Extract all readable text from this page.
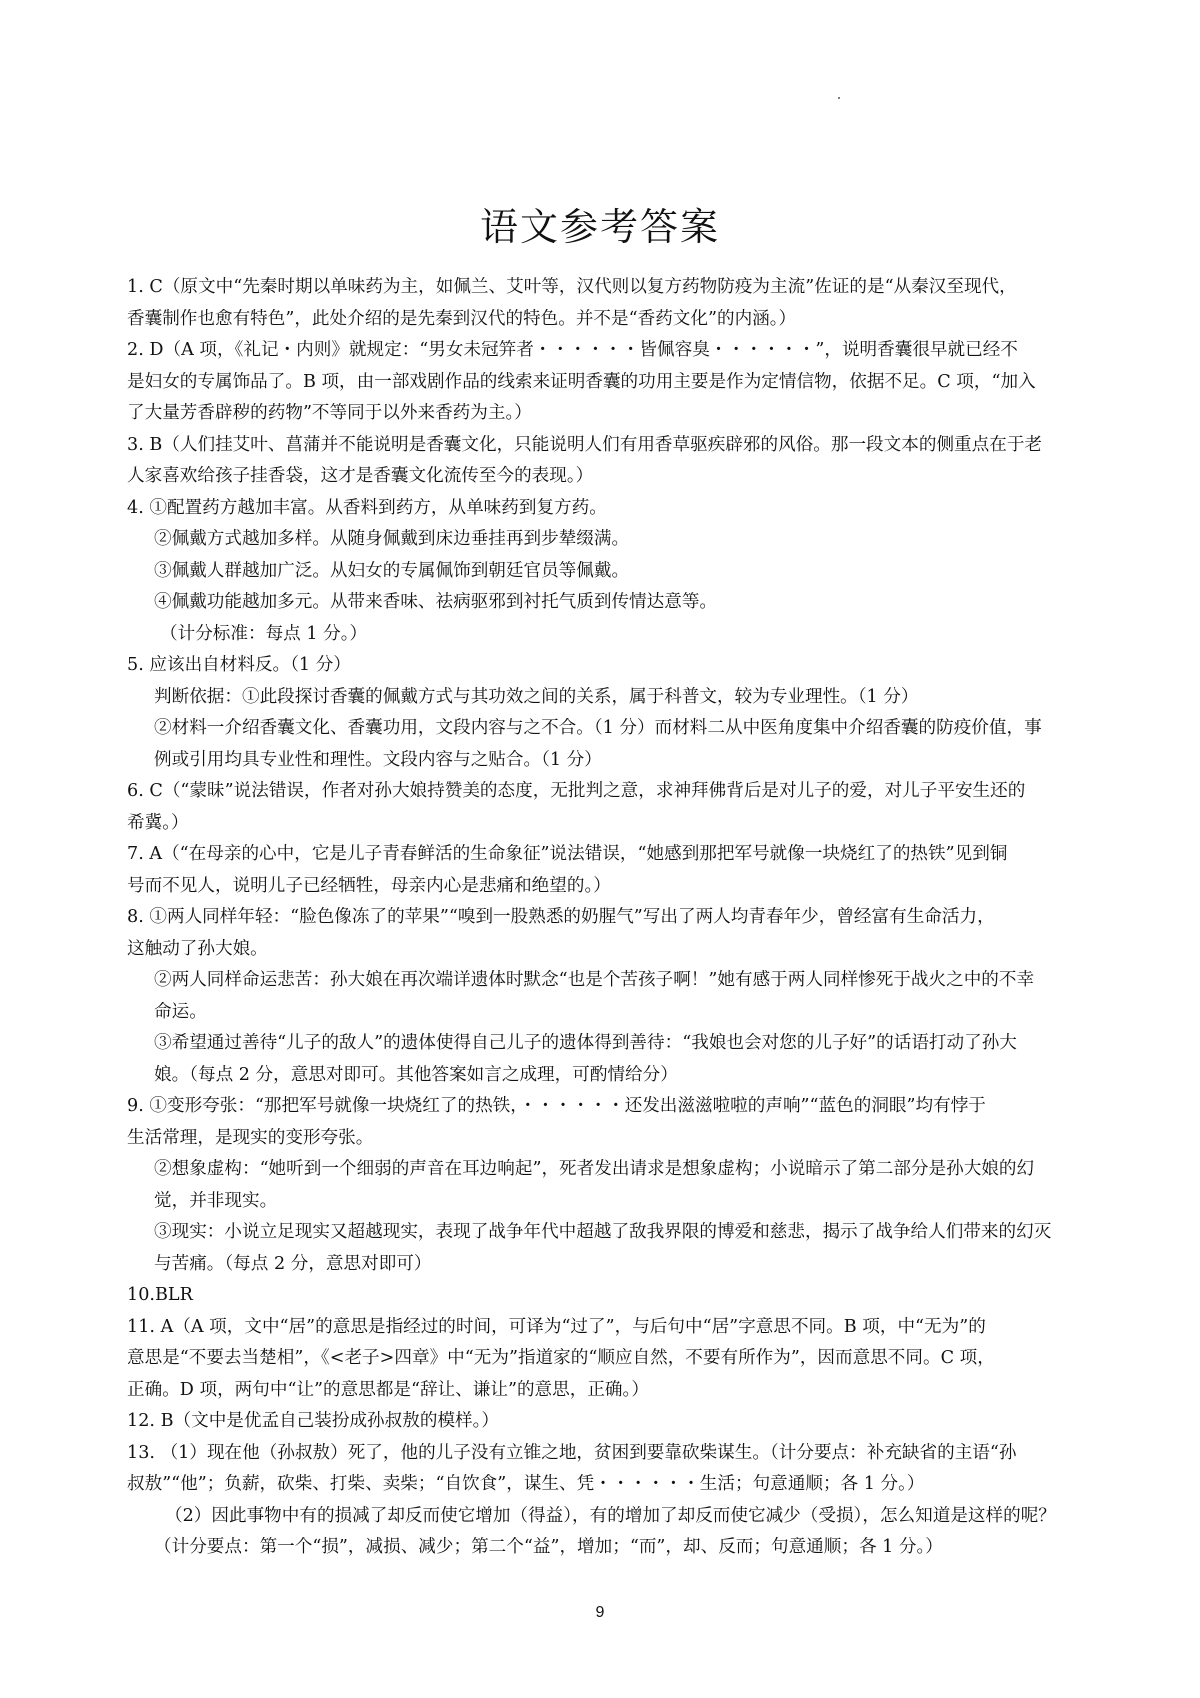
语文参考答案
1. C（原文中“先秦时期以单味药为主，如佩兰、艾叶等，汉代则以复方药物防疫为主流”佐证的是“从秦汉至现代，
香囊制作也愈有特色”，此处介绍的是先秦到汉代的特色。并不是“香药文化”的内涵。）
2. D（A 项，《礼记・内则》就规定：“男女未冠笄者・・・・・・皆佩容臭・・・・・・”，说明香囊很早就已经不
是妇女的专属饰品了。B 项，由一部戏剧作品的线索来证明香囊的功用主要是作为定情信物，依据不足。C 项，“加入
了大量芳香辟秽的药物”不等同于以外来香药为主。）
3. B（人们挂艾叶、菖蒲并不能说明是香囊文化，只能说明人们有用香草驱疾辟邪的风俗。那一段文本的侧重点在于老
人家喜欢给孩子挂香袋，这才是香囊文化流传至今的表现。）
4. ①配置药方越加丰富。从香料到药方，从单味药到复方药。
②佩戴方式越加多样。从随身佩戴到床边垂挂再到步辇缀满。
③佩戴人群越加广泛。从妇女的专属佩饰到朝廷官员等佩戴。
④佩戴功能越加多元。从带来香味、祛病驱邪到衬托气质到传情达意等。
（计分标准：每点 1 分。）
5. 应该出自材料反。（1 分）
判断依据：①此段探讨香囊的佩戴方式与其功效之间的关系，属于科普文，较为专业理性。（1 分）
②材料一介绍香囊文化、香囊功用，文段内容与之不合。（1 分）而材料二从中医角度集中介绍香囊的防疫价值，事
例或引用均具专业性和理性。文段内容与之贴合。（1 分）
6. C（“蒙昧”说法错误，作者对孙大娘持赞美的态度，无批判之意，求神拜佛背后是对儿子的爱，对儿子平安生还的
希冀。）
7. A（“在母亲的心中，它是儿子青春鲜活的生命象征”说法错误，“她感到那把军号就像一块烧红了的热铁”见到铜
号而不见人，说明儿子已经牺牲，母亲内心是悲痛和绝望的。）
8. ①两人同样年轻：“脸色像冻了的苹果”“嗅到一股熟悉的奶腥气”写出了两人均青春年少，曾经富有生命活力，
这触动了孙大娘。
②两人同样命运悲苦：孙大娘在再次端详遗体时默念“也是个苦孩子啊！”她有感于两人同样惨死于战火之中的不幸
命运。
③希望通过善待“儿子的敌人”的遗体使得自己儿子的遗体得到善待：“我娘也会对您的儿子好”的话语打动了孙大
娘。（每点 2 分，意思对即可。其他答案如言之成理，可酌情给分）
9. ①变形夸张：“那把军号就像一块烧红了的热铁，・・・・・・还发出滋滋啦啦的声响”“蓝色的洞眼”均有悖于
生活常理，是现实的变形夸张。
②想象虚构：“她听到一个细弱的声音在耳边响起”，死者发出请求是想象虚构；小说暗示了第二部分是孙大娘的幻
觉，并非现实。
③现实：小说立足现实又超越现实，表现了战争年代中超越了敌我界限的博爱和慈悲，揭示了战争给人们带来的幻灭
与苦痛。（每点 2 分，意思对即可）
10.BLR
11. A（A 项，文中“居”的意思是指经过的时间，可译为“过了”，与后句中“居”字意思不同。B 项，中“无为”的
意思是“不要去当楚相”，《<老子>四章》中“无为”指道家的“顺应自然，不要有所作为”，因而意思不同。C 项，
正确。D 项，两句中“让”的意思都是“辞让、谦让”的意思，正确。）
12. B（文中是优孟自己装扮成孙叔敖的模样。）
13. （1）现在他（孙叔敖）死了，他的儿子没有立锥之地，贫困到要靠砍柴谋生。（计分要点：补充缺省的主语“孙
叔敖”“他”；负薪，砍柴、打柴、卖柴；“自饮食”，谋生、凭・・・・・・生活；句意通顺；各 1 分。）
（2）因此事物中有的损减了却反而使它增加（得益），有的增加了却反而使它减少（受损），怎么知道是这样的呢？
（计分要点：第一个“损”，减损、减少；第二个“益”，增加；“而”，却、反而；句意通顺；各 1 分。）
9
